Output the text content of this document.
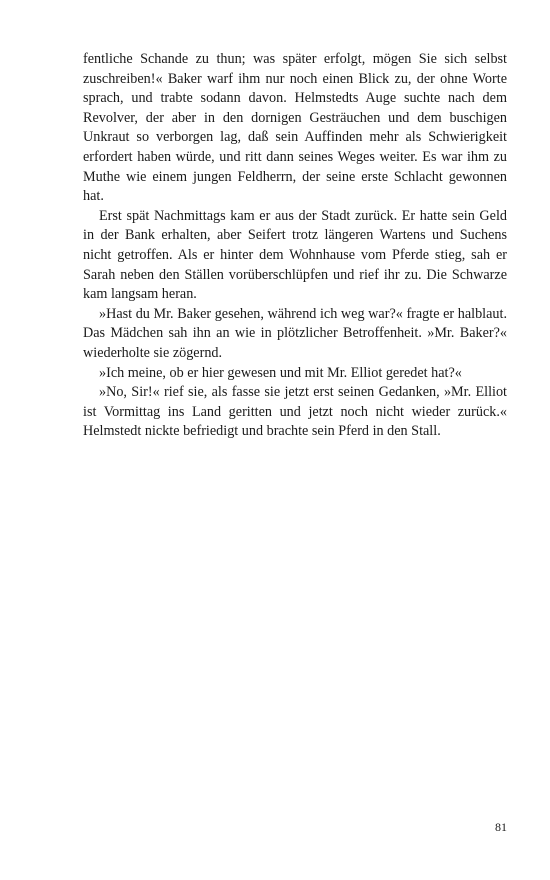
fentliche Schande zu thun; was später erfolgt, mögen Sie sich selbst zuschreiben!« Baker warf ihm nur noch einen Blick zu, der ohne Worte sprach, und trabte sodann davon. Helmstedts Auge suchte nach dem Revolver, der aber in den dornigen Gesträuchen und dem buschigen Unkraut so verborgen lag, daß sein Auffinden mehr als Schwierigkeit erfordert haben würde, und ritt dann seines Weges weiter. Es war ihm zu Muthe wie einem jungen Feldherrn, der seine erste Schlacht gewonnen hat.

Erst spät Nachmittags kam er aus der Stadt zurück. Er hatte sein Geld in der Bank erhalten, aber Seifert trotz längeren Wartens und Suchens nicht getroffen. Als er hinter dem Wohnhause vom Pferde stieg, sah er Sarah neben den Ställen vorüberschlüpfen und rief ihr zu. Die Schwarze kam langsam heran.

»Hast du Mr. Baker gesehen, während ich weg war?« fragte er halblaut. Das Mädchen sah ihn an wie in plötzlicher Betroffenheit. »Mr. Baker?« wiederholte sie zögernd.

»Ich meine, ob er hier gewesen und mit Mr. Elliot geredet hat?«

»No, Sir!« rief sie, als fasse sie jetzt erst seinen Gedanken, »Mr. Elliot ist Vormittag ins Land geritten und jetzt noch nicht wieder zurück.« Helmstedt nickte befriedigt und brachte sein Pferd in den Stall.

81
